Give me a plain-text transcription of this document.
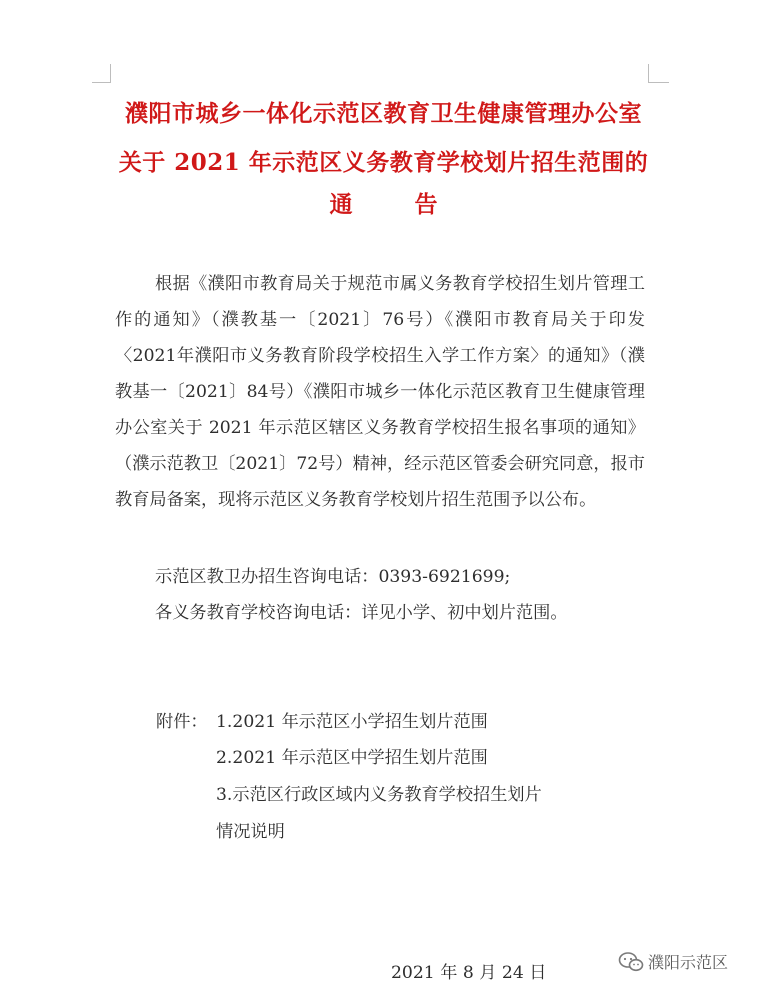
濮阳市城乡一体化示范区教育卫生健康管理办公室
关于 2021 年示范区义务教育学校划片招生范围的
通	告

根据《濮阳市教育局关于规范市属义务教育学校招生划片管理工作的通知》（濮教基一〔2021〕76号）《濮阳市教育局关于印发〈2021年濮阳市义务教育阶段学校招生入学工作方案〉的通知》（濮教基一〔2021〕84号）《濮阳市城乡一体化示范区教育卫生健康管理办公室关于 2021 年示范区辖区义务教育学校招生报名事项的通知》（濮示范教卫〔2021〕72号）精神，经示范区管委会研究同意，报市教育局备案，现将示范区义务教育学校划片招生范围予以公布。

示范区教卫办招生咨询电话：0393-6921699;
各义务教育学校咨询电话：详见小学、初中划片范围。
附件： 1.2021 年示范区小学招生划片范围
2.2021 年示范区中学招生划片范围
3.示范区行政区域内义务教育学校招生划片
情况说明
2021 年 8 月 24 日
濮阳示范区
